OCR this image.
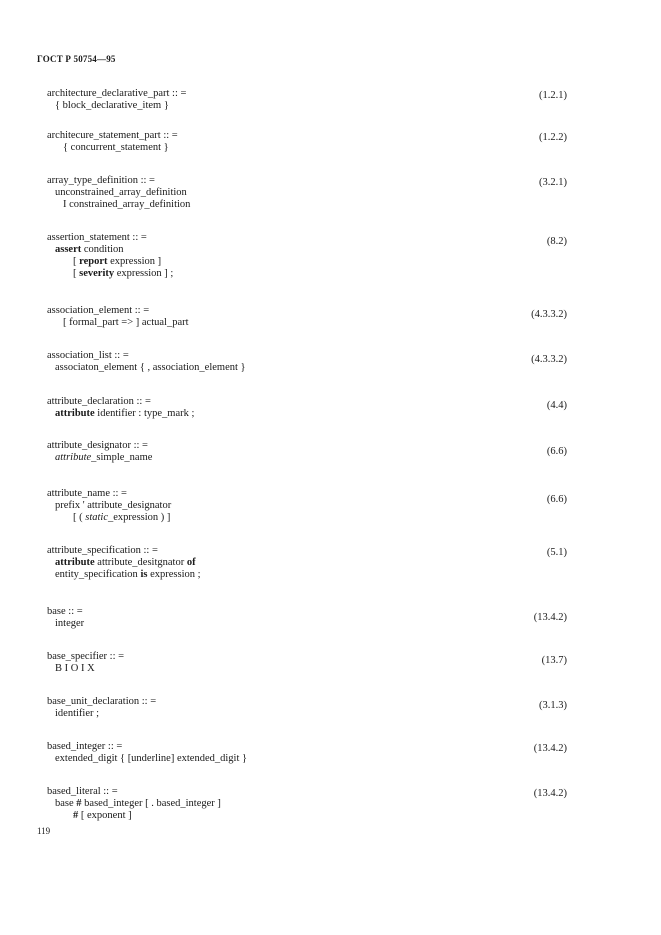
ГОСТ Р 50754—95
architecture_declarative_part :: =
{ block_declarative_item }
(1.2.1)
architecure_statement_part :: =
{ concurrent_statement }
(1.2.2)
array_type_definition :: =
unconstrained_array_definition
I constrained_array_definition
(3.2.1)
assertion_statement :: =
assert condition
[ report expression ]
[ severity expression ] ;
(8.2)
association_element :: =
[ formal_part => ] actual_part
(4.3.3.2)
association_list :: =
associaton_element { , association_element }
(4.3.3.2)
attribute_declaration :: =
attribute identifier : type_mark ;
(4.4)
attribute_designator :: =
attribute_simple_name
(6.6)
attribute_name :: =
prefix ' attribute_designator
[ ( static_expression ) ]
(6.6)
attribute_specification :: =
attribute attribute_desitgnator of
entity_specification is expression ;
(5.1)
base :: =
integer
(13.4.2)
base_specifier :: =
B I O I X
(13.7)
base_unit_declaration :: =
identifier ;
(3.1.3)
based_integer :: =
extended_digit { [underline] extended_digit }
(13.4.2)
based_literal :: =
base # based_integer [ . based_integer ]
# [ exponent ]
(13.4.2)
119
